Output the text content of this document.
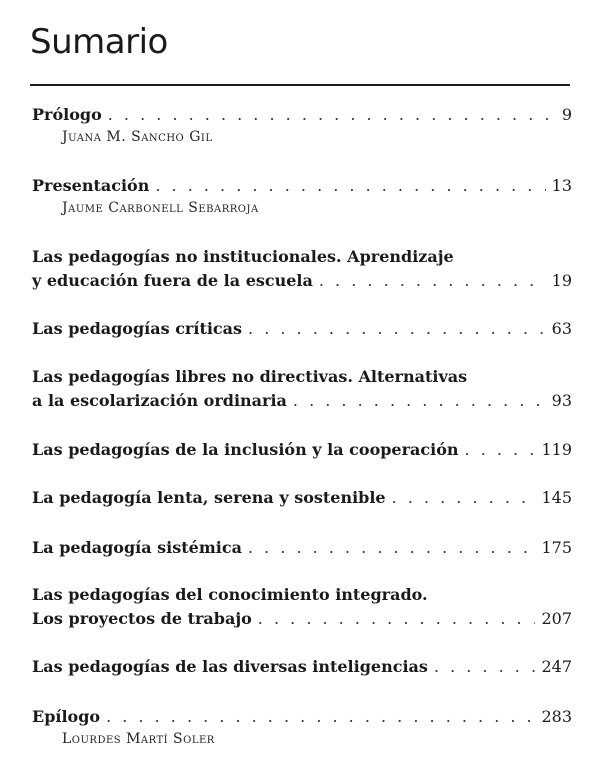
Sumario
Prólogo . . .	9
Juana M. Sancho Gil
Presentación . . .	13
Jaume Carbonell Sebarroja
Las pedagogías no institucionales. Aprendizaje
y educación fuera de la escuela . . .	19
Las pedagogías críticas . . .	63
Las pedagogías libres no directivas. Alternativas
a la escolarización ordinaria . . .	93
Las pedagogías de la inclusión y la cooperación . . .	119
La pedagogía lenta, serena y sostenible . . .	145
La pedagogía sistémica . . .	175
Las pedagogías del conocimiento integrado.
Los proyectos de trabajo . . .	207
Las pedagogías de las diversas inteligencias . . .	247
Epílogo . . .	283
Lourdes Martí Soler
